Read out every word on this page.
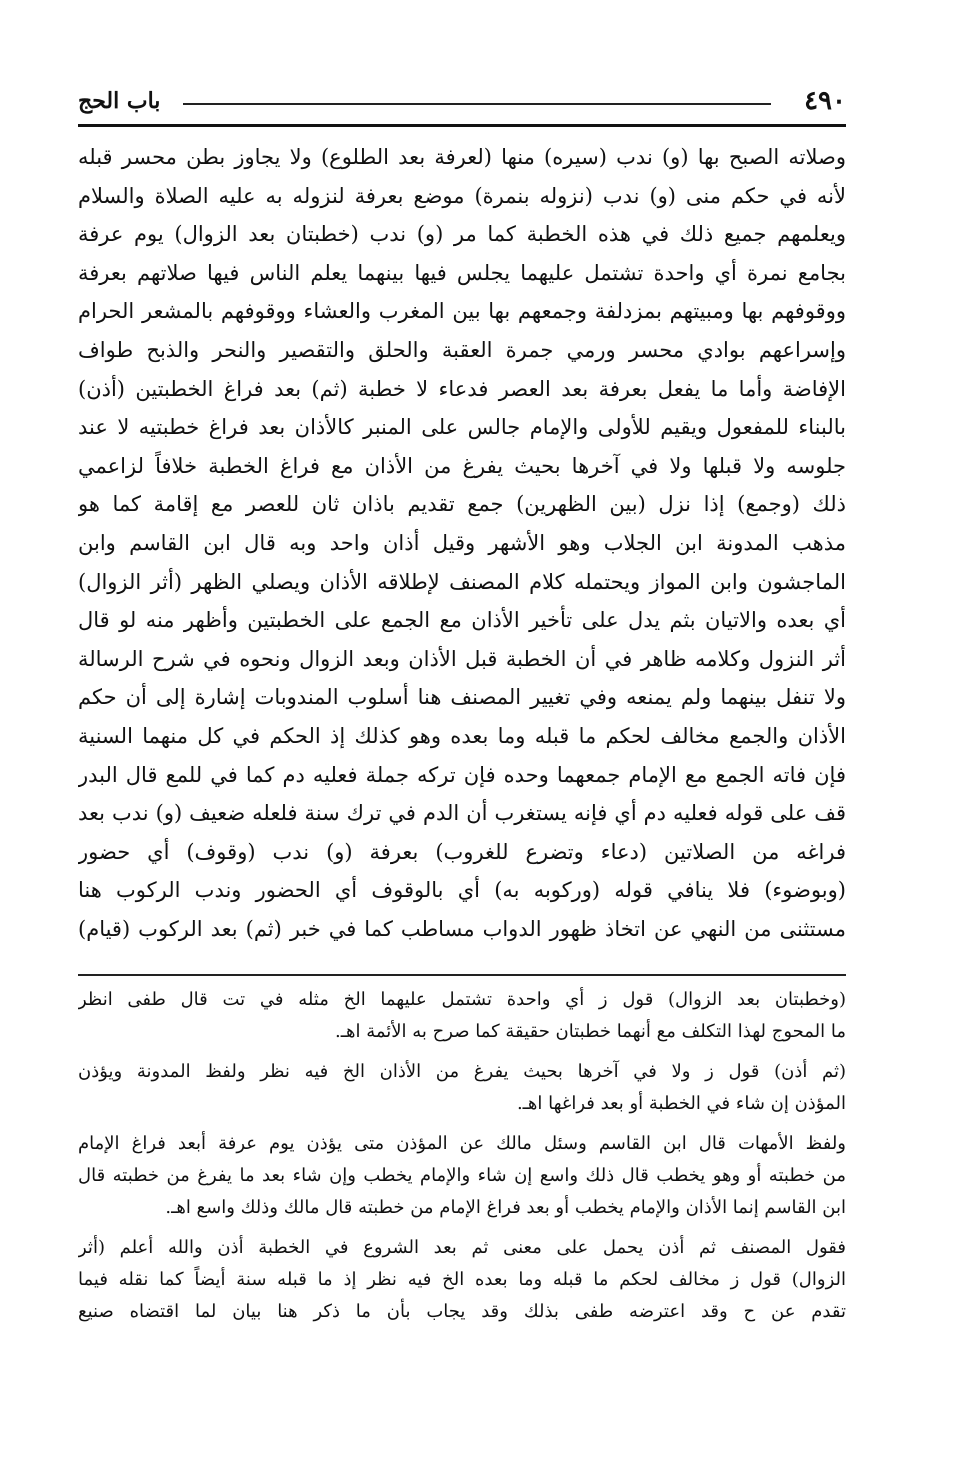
٤٩٠
باب الحج
وصلاته الصبح بها (و) ندب (سيره) منها (لعرفة بعد الطلوع) ولا يجاوز بطن محسر قبله
لأنه في حكم منى (و) ندب (نزوله بنمرة) موضع بعرفة لنزوله به عليه الصلاة والسلام
ويعلمهم جميع ذلك في هذه الخطبة كما مر (و) ندب (خطبتان بعد الزوال) يوم عرفة
بجامع نمرة أي واحدة تشتمل عليهما يجلس فيها بينهما يعلم الناس فيها صلاتهم بعرفة
ووقوفهم بها ومبيتهم بمزدلفة وجمعهم بها بين المغرب والعشاء ووقوفهم بالمشعر الحرام
وإسراعهم بوادي محسر ورمي جمرة العقبة والحلق والتقصير والنحر والذبح طواف
الإفاضة وأما ما يفعل بعرفة بعد العصر فدعاء لا خطبة (ثم) بعد فراغ الخطبتين (أذن)
بالبناء للمفعول ويقيم للأولى والإمام جالس على المنبر كالأذان بعد فراغ خطبتيه لا عند
جلوسه ولا قبلها ولا في آخرها بحيث يفرغ من الأذان مع فراغ الخطبة خلافاً لزاعمي
ذلك (وجمع) إذا نزل (بين الظهرين) جمع تقديم باذان ثان للعصر مع إقامة كما هو
مذهب المدونة ابن الجلاب وهو الأشهر وقيل أذان واحد وبه قال ابن القاسم وابن
الماجشون وابن المواز ويحتمله كلام المصنف لإطلاقه الأذان ويصلي الظهر (أثر الزوال)
أي بعده والاتيان بثم يدل على تأخير الأذان مع الجمع على الخطبتين وأظهر منه لو قال
أثر النزول وكلامه ظاهر في أن الخطبة قبل الأذان وبعد الزوال ونحوه في شرح الرسالة
ولا تنفل بينهما ولم يمنعه وفي تغيير المصنف هنا أسلوب المندوبات إشارة إلى أن حكم
الأذان والجمع مخالف لحكم ما قبله وما بعده وهو كذلك إذ الحكم في كل منهما السنية
فإن فاته الجمع مع الإمام جمعهما وحده فإن تركه جملة فعليه دم كما في للمع قال البدر
قف على قوله فعليه دم أي فإنه يستغرب أن الدم في ترك سنة فلعله ضعيف (و) ندب بعد
فراغه من الصلاتين (دعاء وتضرع للغروب) بعرفة (و) ندب (وقوف) أي حضور
(وبوضوء) فلا ينافي قوله (وركوبه به) أي بالوقوف أي الحضور وندب الركوب هنا
مستثنى من النهي عن اتخاذ ظهور الدواب مساطب كما في خبر (ثم) بعد الركوب (قيام)
(وخطبتان بعد الزوال) قول ز أي واحدة تشتمل عليهما الخ مثله في تت قال طفى انظر
ما المحوج لهذا التكلف مع أنهما خطبتان حقيقة كما صرح به الأئمة اهـ.
(ثم أذن) قول ز ولا في آخرها بحيث يفرغ من الأذان الخ فيه نظر ولفظ المدونة ويؤذن
المؤذن إن شاء في الخطبة أو بعد فراغها اهـ.
ولفظ الأمهات قال ابن القاسم وسئل مالك عن المؤذن متى يؤذن يوم عرفة أبعد فراغ الإمام
من خطبته أو وهو يخطب قال ذلك واسع إن شاء والإمام يخطب وإن شاء بعد ما يفرغ من خطبته قال
ابن القاسم إنما الأذان والإمام يخطب أو بعد فراغ الإمام من خطبته قال مالك وذلك واسع اهـ.
فقول المصنف ثم أذن يحمل على معنى ثم بعد الشروع في الخطبة أذن والله أعلم (أثر
الزوال) قول ز مخالف لحكم ما قبله وما بعده الخ فيه نظر إذ ما قبله سنة أيضاً كما نقله فيما
تقدم عن ح وقد اعترضه طفى بذلك وقد يجاب بأن ما ذكر هنا بيان لما اقتضاه صنيع
